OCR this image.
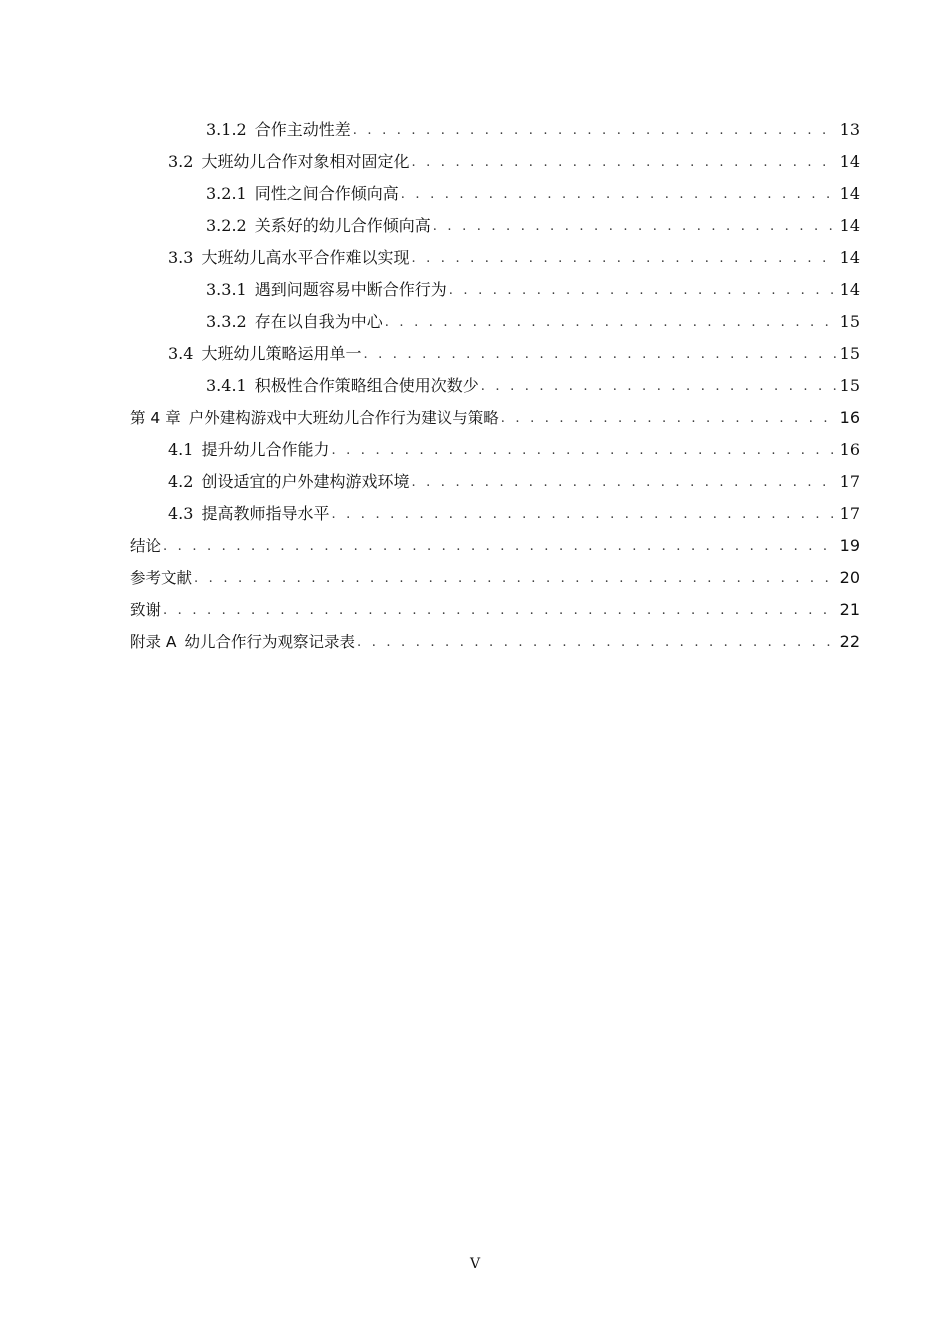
3.1.2 合作主动性差 . . .	13
3.2 大班幼儿合作对象相对固定化 . . .	14
3.2.1 同性之间合作倾向高 . . .	14
3.2.2 关系好的幼儿合作倾向高 . . .	14
3.3 大班幼儿高水平合作难以实现 . . .	14
3.3.1 遇到问题容易中断合作行为 . . .	14
3.3.2 存在以自我为中心 . . .	15
3.4 大班幼儿策略运用单一 . . .	15
3.4.1 积极性合作策略组合使用次数少 . . .	15
第 4 章 户外建构游戏中大班幼儿合作行为建议与策略 . . .	16
4.1 提升幼儿合作能力 . . .	16
4.2 创设适宜的户外建构游戏环境 . . .	17
4.3 提高教师指导水平 . . .	17
结论 . . .	19
参考文献 . . .	20
致谢 . . .	21
附录 A 幼儿合作行为观察记录表 . . .	22
V
